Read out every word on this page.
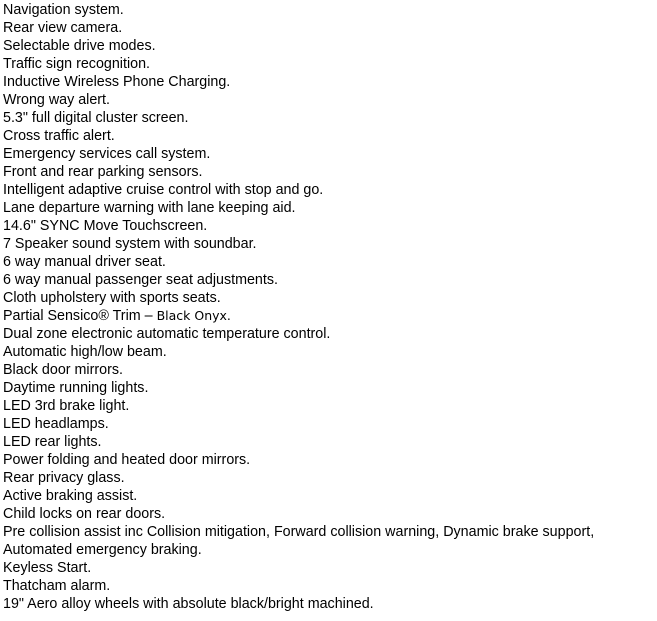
Navigation system.
Rear view camera.
Selectable drive modes.
Traffic sign recognition.
Inductive Wireless Phone Charging.
Wrong way alert.
5.3" full digital cluster screen.
Cross traffic alert.
Emergency services call system.
Front and rear parking sensors.
Intelligent adaptive cruise control with stop and go.
Lane departure warning with lane keeping aid.
14.6" SYNC Move Touchscreen.
7 Speaker sound system with soundbar.
6 way manual driver seat.
6 way manual passenger seat adjustments.
Cloth upholstery with sports seats.
Partial Sensico® Trim – Black Onyx.
Dual zone electronic automatic temperature control.
Automatic high/low beam.
Black door mirrors.
Daytime running lights.
LED 3rd brake light.
LED headlamps.
LED rear lights.
Power folding and heated door mirrors.
Rear privacy glass.
Active braking assist.
Child locks on rear doors.
Pre collision assist inc Collision mitigation, Forward collision warning, Dynamic brake support,
Automated emergency braking.
Keyless Start.
Thatcham alarm.
19" Aero alloy wheels with absolute black/bright machined.
